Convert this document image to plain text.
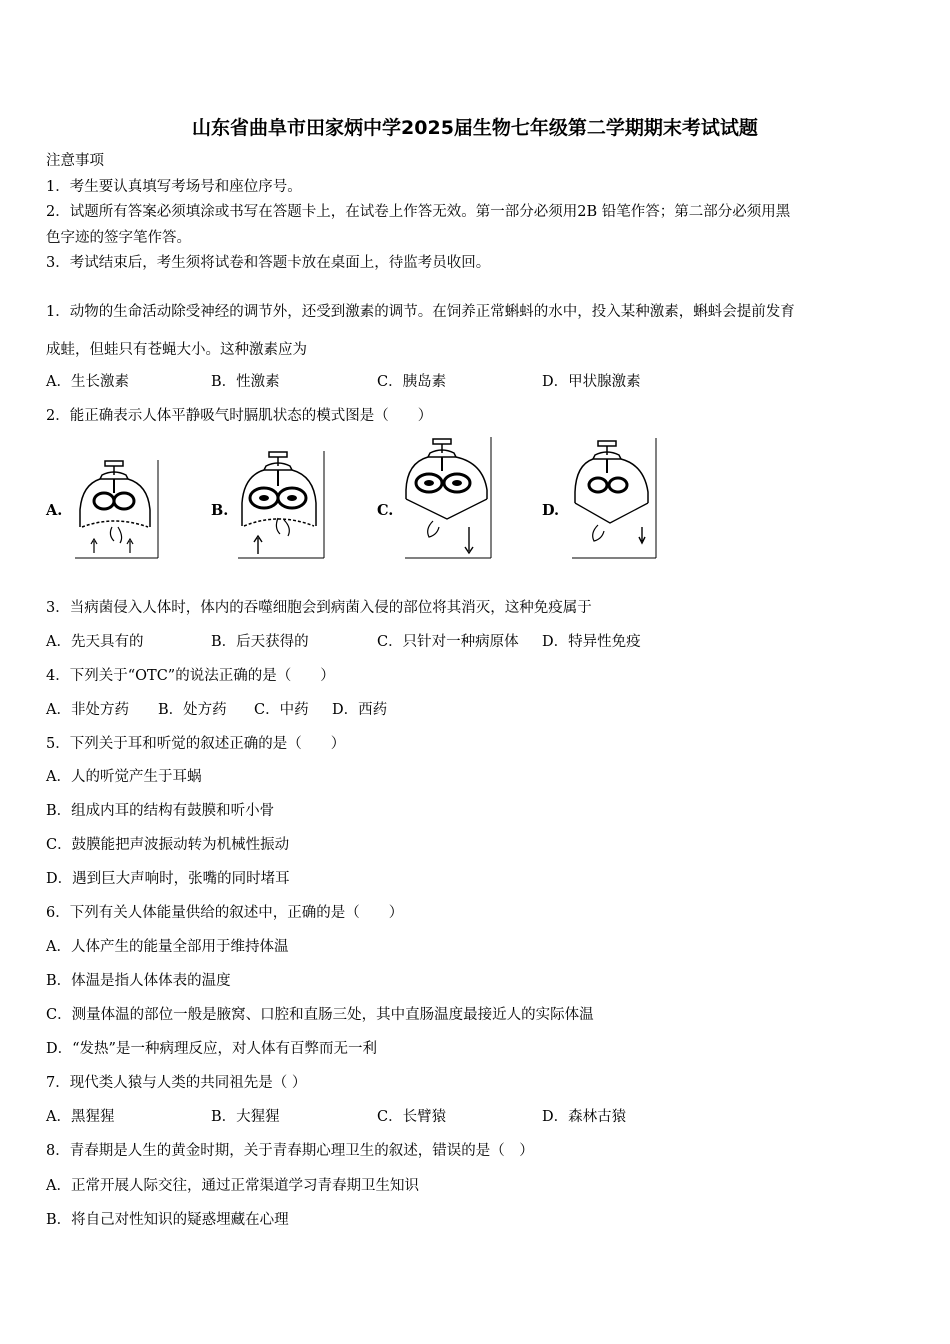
山东省曲阜市田家炳中学2025届生物七年级第二学期期末考试试题
注意事项
1．考生要认真填写考场号和座位序号。
2．试题所有答案必须填涂或书写在答题卡上，在试卷上作答无效。第一部分必须用2B 铅笔作答；第二部分必须用黑
色字迹的签字笔作答。
3．考试结束后，考生须将试卷和答题卡放在桌面上，待监考员收回。
1．动物的生命活动除受神经的调节外，还受到激素的调节。在饲养正常蝌蚪的水中，投入某种激素，蝌蚪会提前发育
成蛙，但蛙只有苍蝇大小。这种激素应为
A．生长激素	B．性激素	C．胰岛素	D．甲状腺激素
2．能正确表示人体平静吸气时膈肌状态的模式图是（　　）
A.	B.	C.	D.
3．当病菌侵入人体时，体内的吞噬细胞会到病菌入侵的部位将其消灭，这种免疫属于
A．先天具有的	B．后天获得的	C．只针对一种病原体 D．特异性免疫
4．下列关于“OTC”的说法正确的是（　　）
A．非处方药 B．处方药 C．中药 D．西药
5．下列关于耳和听觉的叙述正确的是（　　）
A．人的听觉产生于耳蜗
B．组成内耳的结构有鼓膜和听小骨
C．鼓膜能把声波振动转为机械性振动
D．遇到巨大声响时，张嘴的同时堵耳
6．下列有关人体能量供给的叙述中，正确的是（　　）
A．人体产生的能量全部用于维持体温
B．体温是指人体体表的温度
C．测量体温的部位一般是腋窝、口腔和直肠三处，其中直肠温度最接近人的实际体温
D．“发热”是一种病理反应，对人体有百弊而无一利
7．现代类人猿与人类的共同祖先是（ ）
A．黑猩猩	B．大猩猩	C．长臂猿	D．森林古猿
8．青春期是人生的黄金时期，关于青春期心理卫生的叙述，错误的是（　）
A．正常开展人际交往，通过正常渠道学习青春期卫生知识
B．将自己对性知识的疑惑埋藏在心理
